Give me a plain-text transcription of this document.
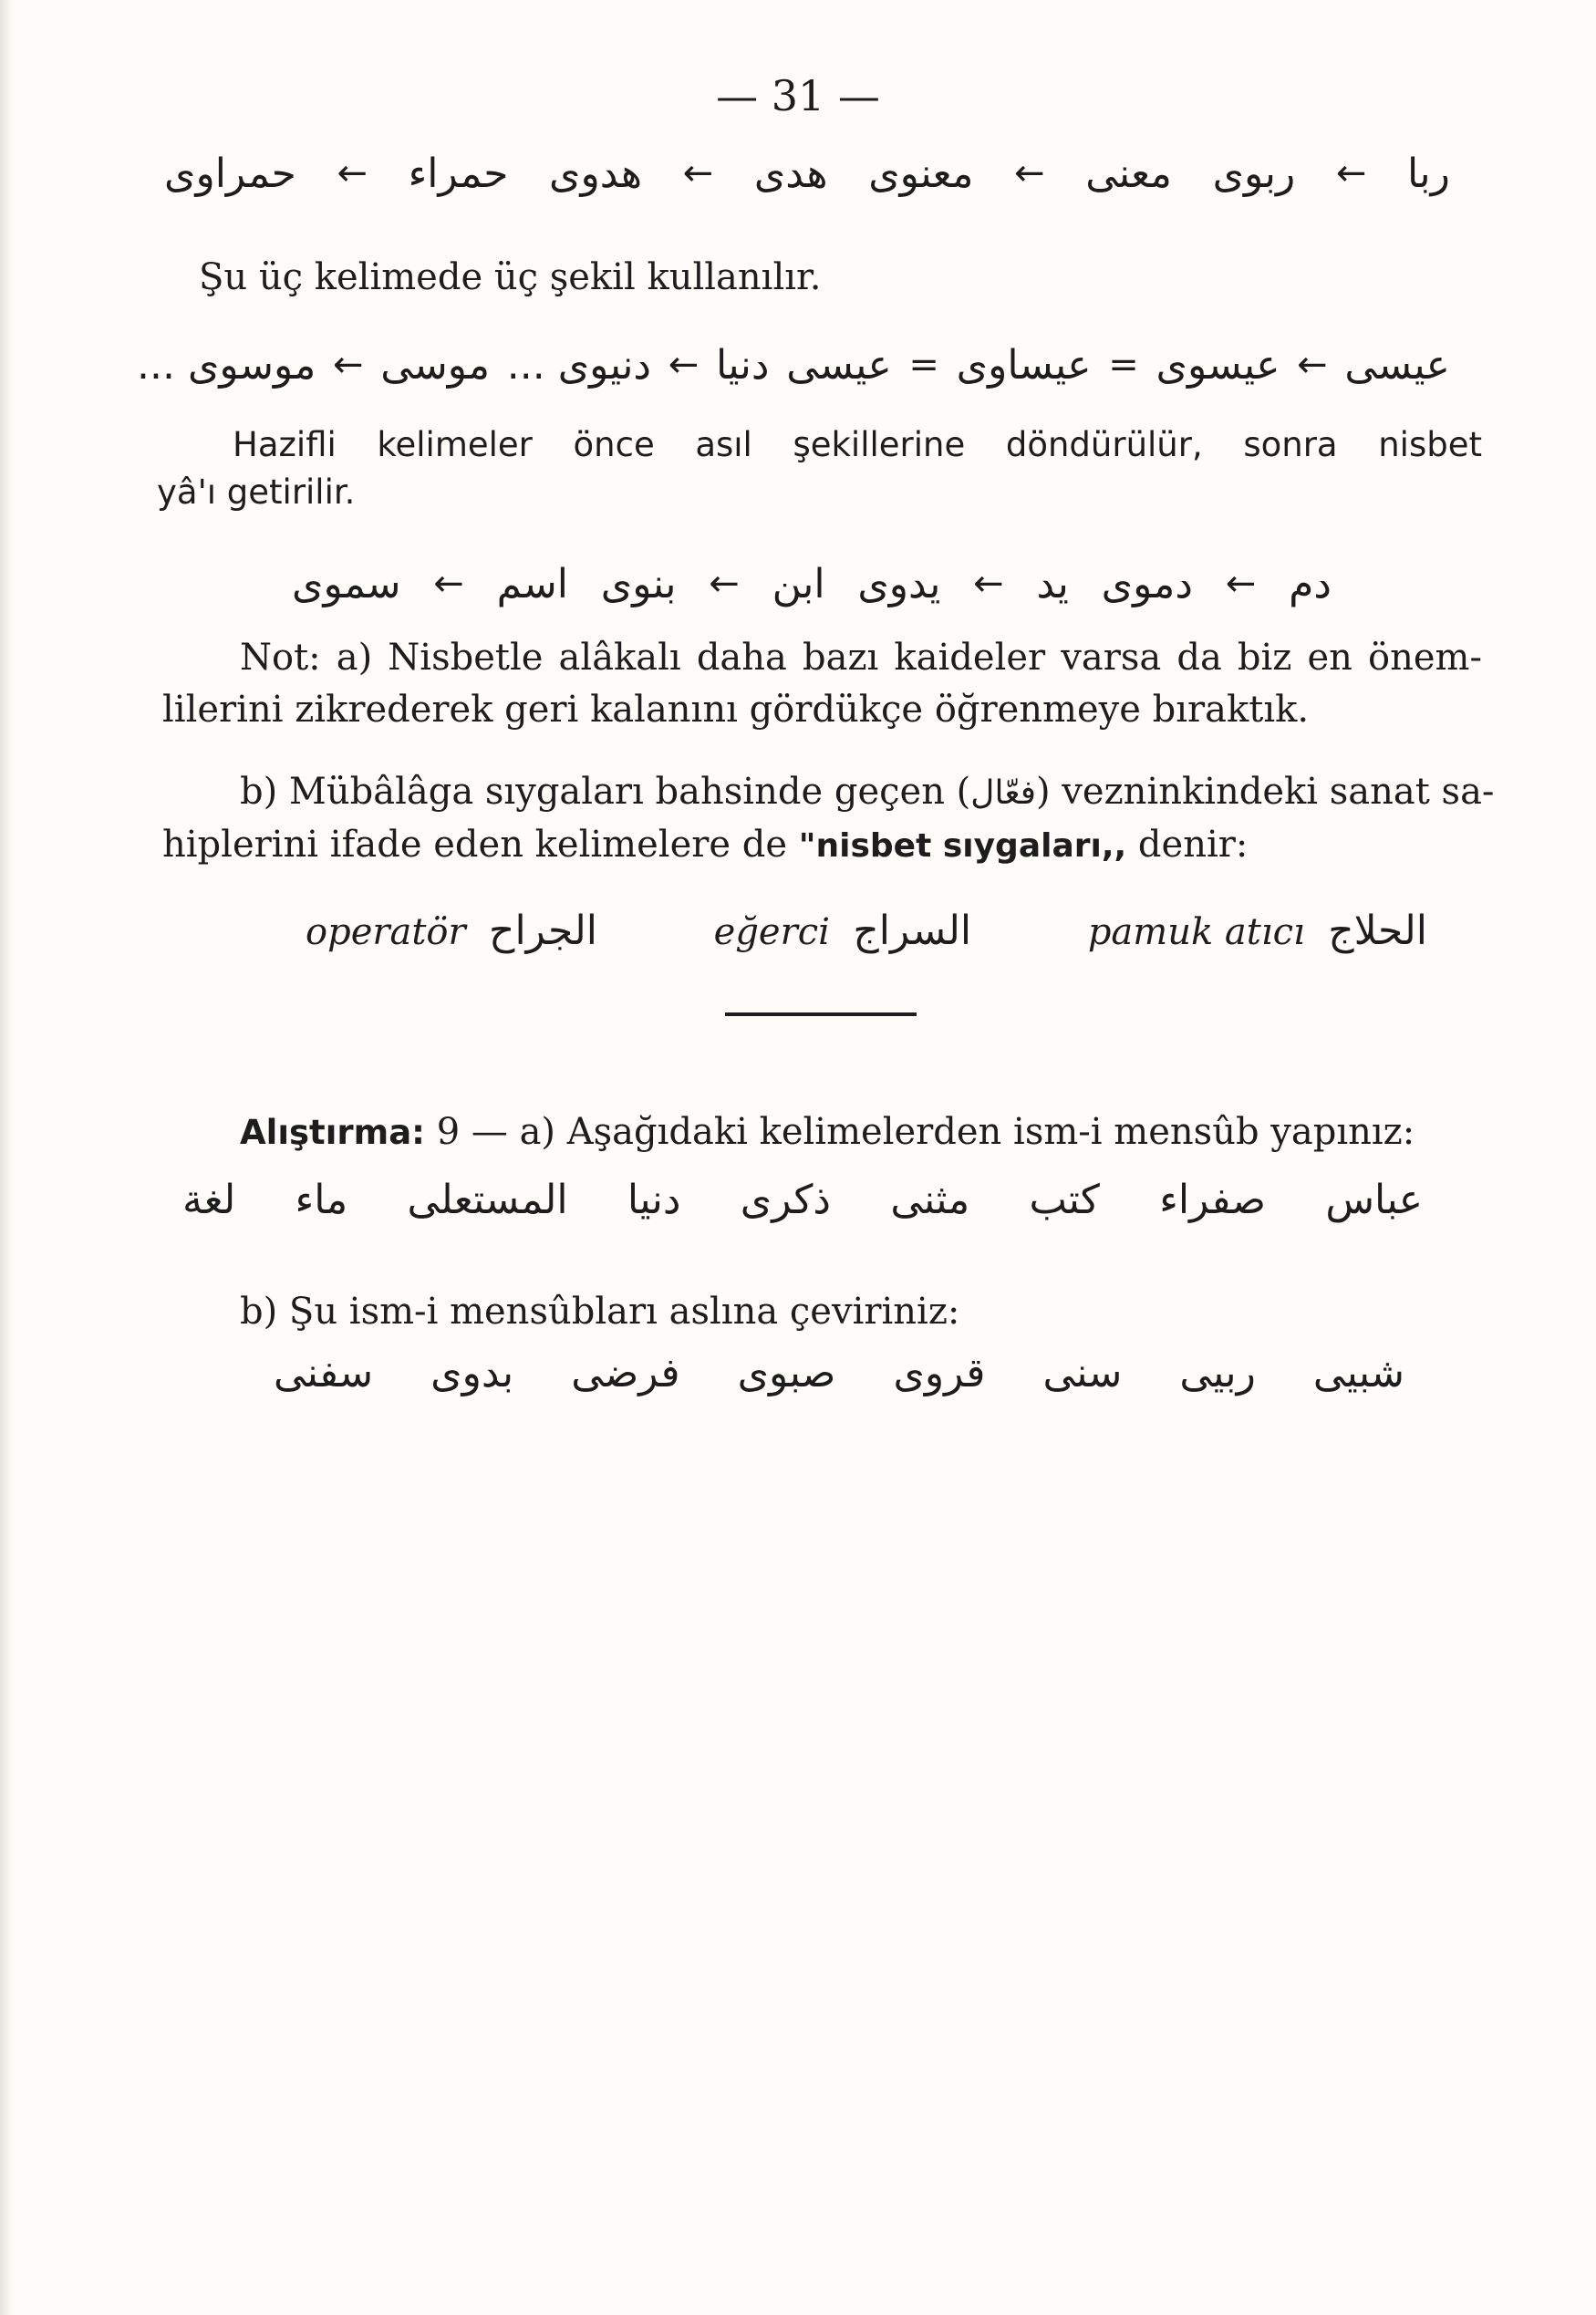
— 31 —
ربا
←
ربوى
معنى
←
معنوى
هدى
←
هدوى
حمراء
←
حمراوى
Şu üç kelimede üç şekil kullanılır.
عيسى
←
عيسوى
=
عيساوى
=
عيسى
دنيا
←
دنيوى ...
موسى
←
موسوى ...
Hazifli kelimeler önce asıl şekillerine döndürülür, sonra nisbet
yâ'ı getirilir.
دم
←
دموى
يد
←
يدوى
ابن
←
بنوى
اسم
←
سموى
Not: a) Nisbetle alâkalı daha bazı kaideler varsa da biz en önem-
lilerini zikrederek geri kalanını gördükçe öğrenmeye bıraktık.
b) Mübâlâga sıygaları bahsinde geçen (فعّال) vezninkindeki sanat sa-
hiplerini ifade eden kelimelere de "nisbet sıygaları,, denir:
operatör الجراح	eğerci السراج	pamuk atıcı الحلاج
Alıştırma: 9 — a) Aşağıdaki kelimelerden ism-i mensûb yapınız:
عباس
صفراء
كتب
مثنى
ذكرى
دنيا
المستعلى
ماء
لغة
b) Şu ism-i mensûbları aslına çeviriniz:
شبيى
ربيى
سنى
قروى
صبوى
فرضى
بدوى
سفنى
